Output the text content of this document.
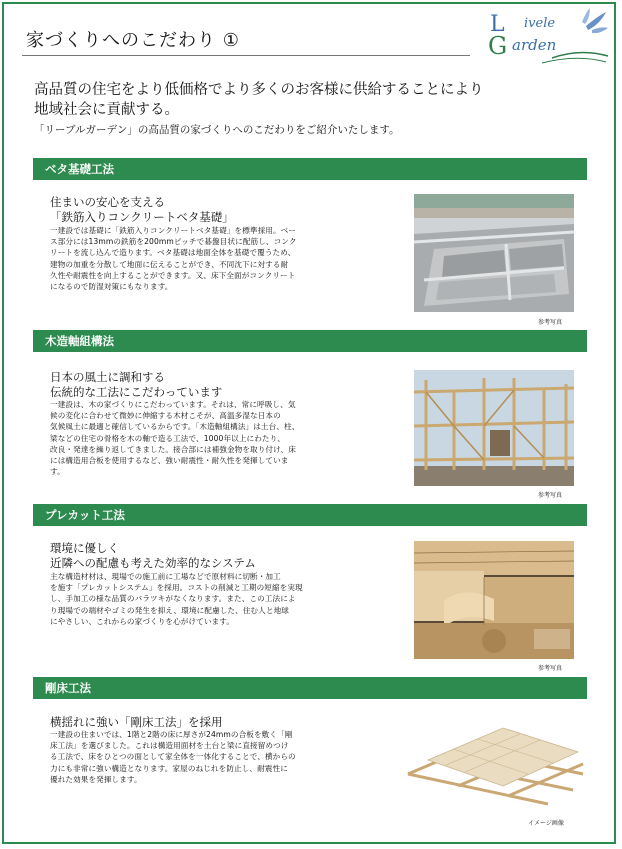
家づくりへのこだわり ①
L ivele
G arden
高品質の住宅をより低価格でより多くのお客様に供給することにより
地域社会に貢献する。
「リーブルガーデン」の高品質の家づくりへのこだわりをご紹介いたします。
ベタ基礎工法
住まいの安心を支える
「鉄筋入りコンクリートベタ基礎」
一建設では基礎に「鉄筋入りコンクリートベタ基礎」を標準採用。ベー
ス部分には13mmの鉄筋を200mmピッチで碁盤目状に配筋し、コンク
リートを流し込んで造ります。ベタ基礎は地面全体を基礎で覆うため、
建物の加重を分散して地面に伝えることができ、不同沈下に対する耐
久性や耐震性を向上することができます。又、床下全面がコンクリート
になるので防湿対策にもなります。
参考写真
木造軸組構法
日本の風土に調和する
伝統的な工法にこだわっています
一建設は、木の家づくりにこだわっています。それは、常に呼吸し、気
候の変化に合わせて微妙に伸縮する木材こそが、高温多湿な日本の
気候風土に最適と確信しているからです。「木造軸組構法」は土台、柱、
梁などの住宅の骨格を木の軸で造る工法で、1000年以上にわたり、
改良・発達を繰り返してきました。接合部には補強金物を取り付け、床
には構造用合板を使用するなど、強い耐震性・耐久性を発揮していま
す。
参考写真
プレカット工法
環境に優しく
近隣への配慮も考えた効率的なシステム
主な構造材材は、現場での施工前に工場などで原材料に切断・加工
を施す「プレカットシステム」を採用。コストの削減と工期の短縮を実現
し、手加工の様な品質のバラツキがなくなります。また、この工法によ
り現場での端材やゴミの発生を抑え、環境に配慮した、住む人と地球
にやさしい、これからの家づくりを心がけています。
参考写真
剛床工法
横揺れに強い「剛床工法」を採用
一建設の住まいでは、1階と2階の床に厚さが24mmの合板を敷く「剛
床工法」を選びました。これは構造用面材を土台と梁に直接留めつけ
る工法で、床をひとつの面として家全体を一体化することで、横からの
力にも非常に強い構造となります。家屋のねじれを防止し、耐震性に
優れた効果を発揮します。
イメージ画像
